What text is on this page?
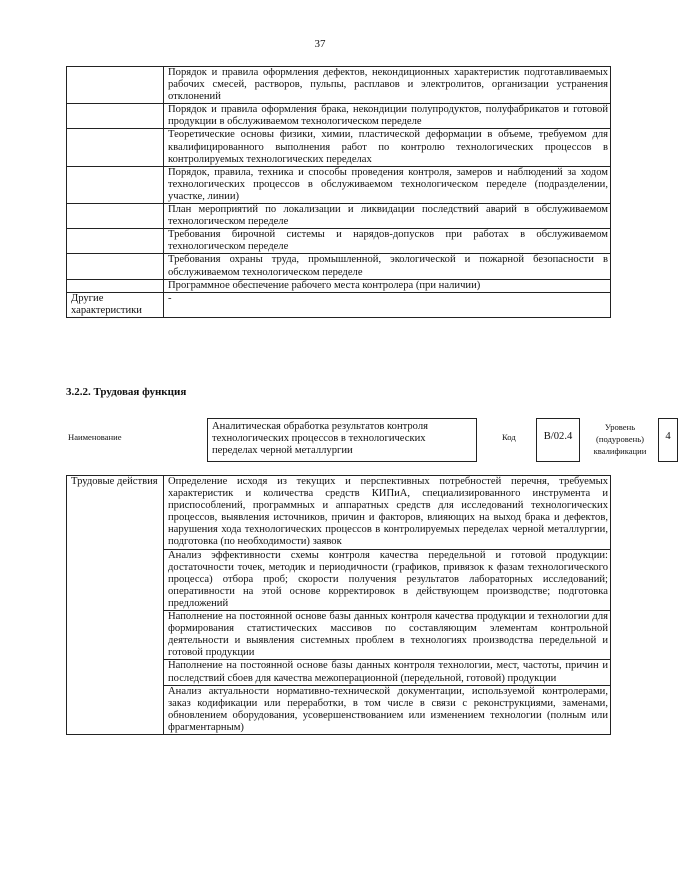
37
	Порядок и правила оформления дефектов, некондиционных характеристик подготавливаемых рабочих смесей, растворов, пульпы, расплавов и электролитов, организации устранения отклонений
	Порядок и правила оформления брака, некондиции полупродуктов, полуфабрикатов и готовой продукции в обслуживаемом технологическом переделе
	Теоретические основы физики, химии, пластической деформации в объеме, требуемом для квалифицированного выполнения работ по контролю технологических процессов в контролируемых технологических переделах
	Порядок, правила, техника и способы проведения контроля, замеров и наблюдений за ходом технологических процессов в обслуживаемом технологическом переделе (подразделении, участке, линии)
	План мероприятий по локализации и ликвидации последствий аварий в обслуживаемом технологическом переделе
	Требования бирочной системы и нарядов-допусков при работах в обслуживаемом технологическом переделе
	Требования охраны труда, промышленной, экологической и пожарной безопасности в обслуживаемом технологическом переделе
	Программное обеспечение рабочего места контролера (при наличии)
Другие характеристики	-
3.2.2. Трудовая функция
Наименование
Аналитическая обработка результатов контроля технологических процессов в технологических переделах черной металлургии
Код	B/02.4
Уровень (подуровень) квалификации
4
Трудовые действия	Определение исходя из текущих и перспективных потребностей перечня, требуемых характеристик и количества средств КИПиА, специализированного инструмента и приспособлений, программных и аппаратных средств для исследований технологических процессов, выявления источников, причин и факторов, влияющих на выход брака и дефектов, нарушения хода технологических процессов в контролируемых переделах черной металлургии, подготовка (по необходимости) заявок
Анализ эффективности схемы контроля качества передельной и готовой продукции: достаточности точек, методик и периодичности (графиков, привязок к фазам технологического процесса) отбора проб; скорости получения результатов лабораторных исследований; оперативности на этой основе корректировок в действующем производстве; подготовка предложений
Наполнение на постоянной основе базы данных контроля качества продукции и технологии для формирования статистических массивов по составляющим элементам контрольной деятельности и выявления системных проблем в технологиях производства передельной и готовой продукции
Наполнение на постоянной основе базы данных контроля технологии, мест, частоты, причин и последствий сбоев для качества межоперационной (передельной, готовой) продукции
Анализ актуальности нормативно-технической документации, используемой контролерами, заказ кодификации или переработки, в том числе в связи с реконструкциями, заменами, обновлением оборудования, усовершенствованием или изменением технологии (полным или фрагментарным)
